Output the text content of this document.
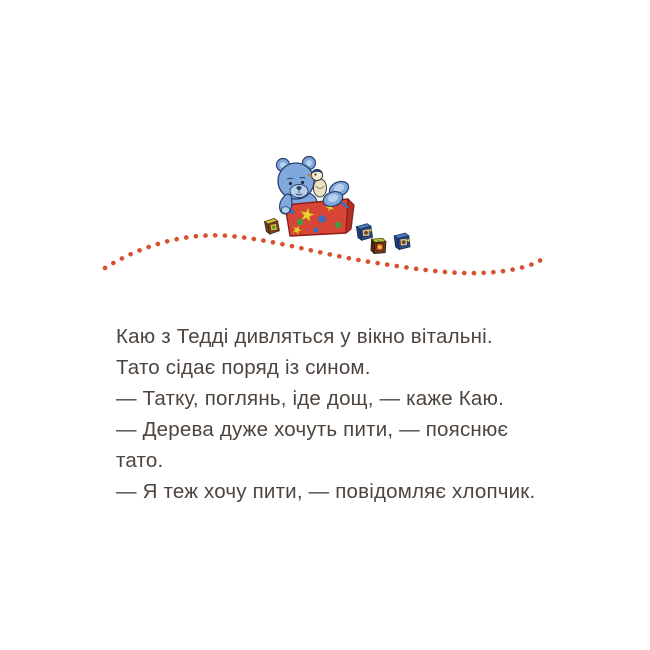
Каю з Тедді дивляться у вікно вітальні.
Тато сідає поряд із сином.
— Татку, поглянь, іде дощ, — каже Каю.
— Дерева дуже хочуть пити, — пояснює
тато.
— Я теж хочу пити, — повідомляє хлопчик.
